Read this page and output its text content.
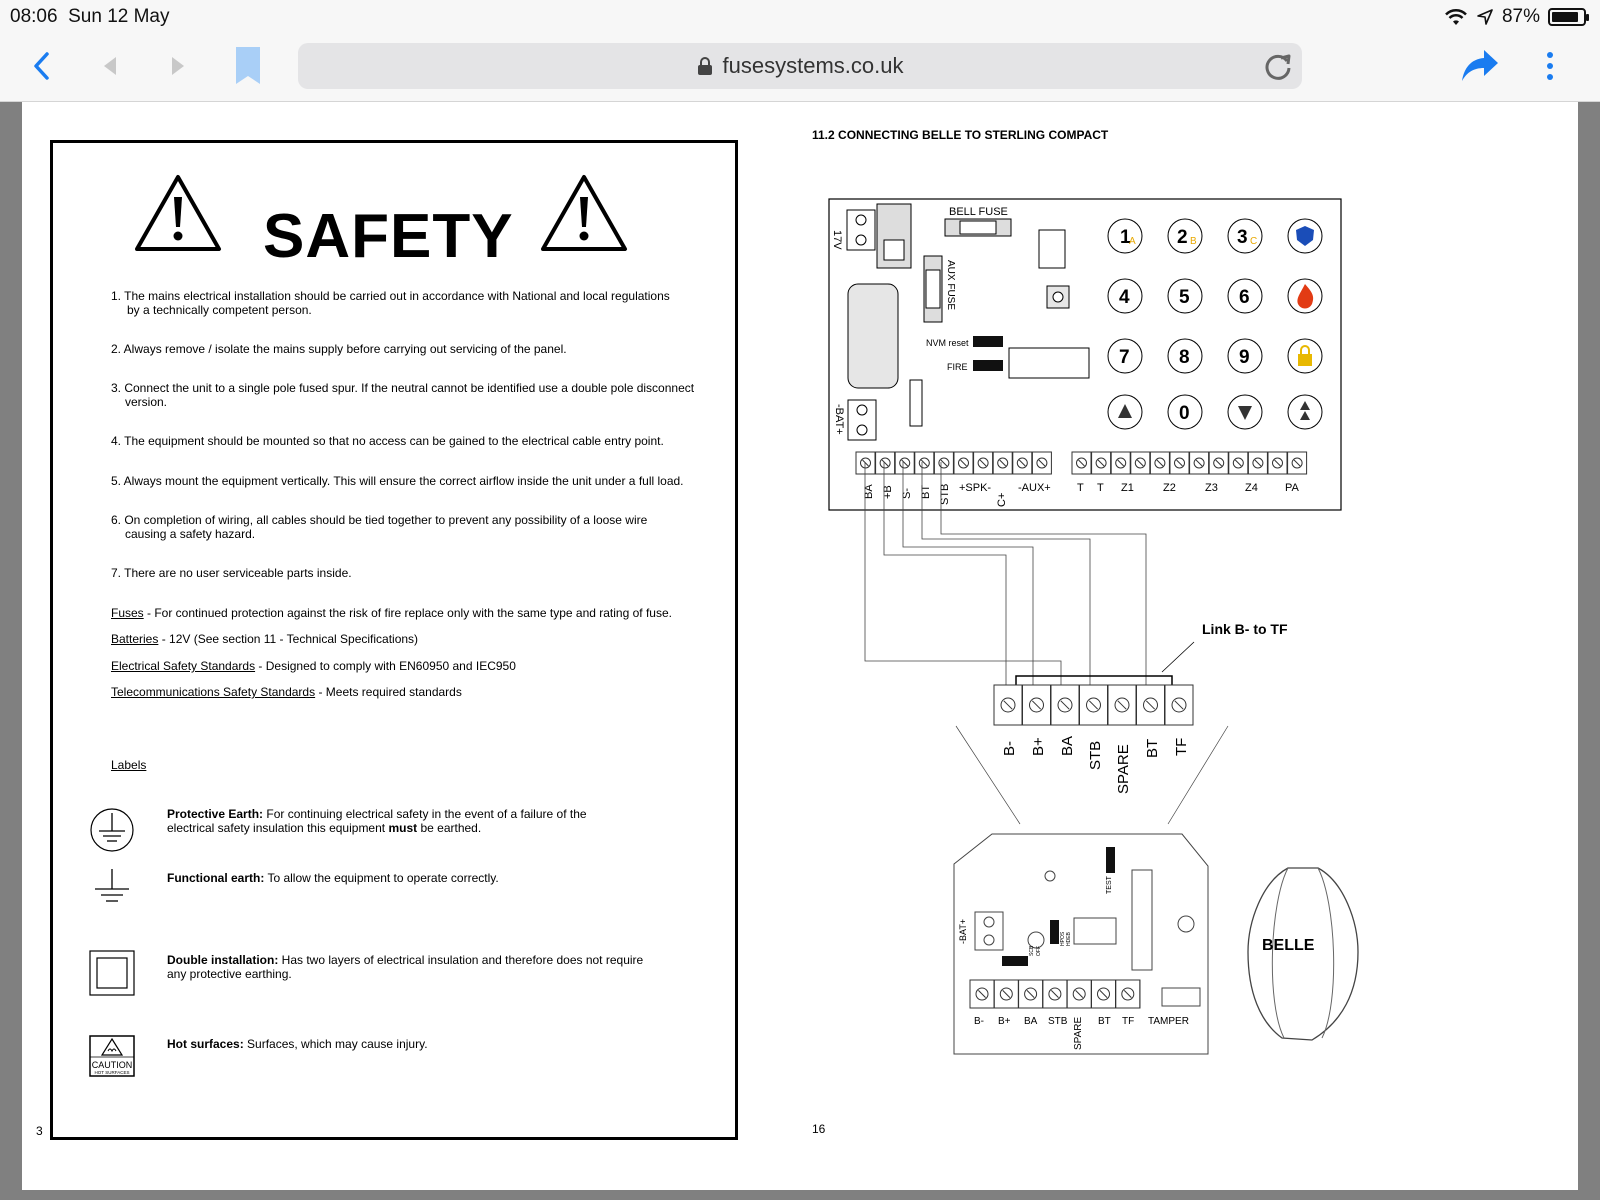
08:06 Sun 12 May	87%
fusesystems.co.uk
SAFETY
1. The mains electrical installation should be carried out in accordance with National and local regulations
by a technically competent person.
2. Always remove / isolate the mains supply before carrying out servicing of the panel.
3. Connect the unit to a single pole fused spur. If the neutral cannot be identified use a double pole disconnect
version.
4. The equipment should be mounted so that no access can be gained to the electrical cable entry point.
5. Always mount the equipment vertically. This will ensure the correct airflow inside the unit under a full load.
6. On completion of wiring, all cables should be tied together to prevent any possibility of a loose wire
causing a safety hazard.
7. There are no user serviceable parts inside.
Fuses - For continued protection against the risk of fire replace only with the same type and rating of fuse.
Batteries - 12V (See section 11 - Technical Specifications)
Electrical Safety Standards - Designed to comply with EN60950 and IEC950
Telecommunications Safety Standards - Meets required standards
Labels
Protective Earth: For continuing electrical safety in the event of a failure of the
electrical safety insulation this equipment must be earthed.
Functional earth: To allow the equipment to operate correctly.
Double installation: Has two layers of electrical insulation and therefore does not require
any protective earthing.
CAUTION
HOT SURFACES
Hot surfaces: Surfaces, which may cause injury.
3
11.2 CONNECTING BELLE TO STERLING COMPACT
17V
BELL FUSE
AUX FUSE
NVM reset
FIRE
-BAT+
1
A 2 B 3 C
4	5	6
7	8	9
0
BA +B S- BT STB	C+
+SPK- -AUX+ T T Z1	Z2	Z3 Z4 PA
Link B- to TF
B- B+ BA STB SPARE BT TF
-BAT+
TEST
SCB OFF
HPOS HDEB
B- B+ BA STB SPARE BT TF TAMPER
BELLE
16
